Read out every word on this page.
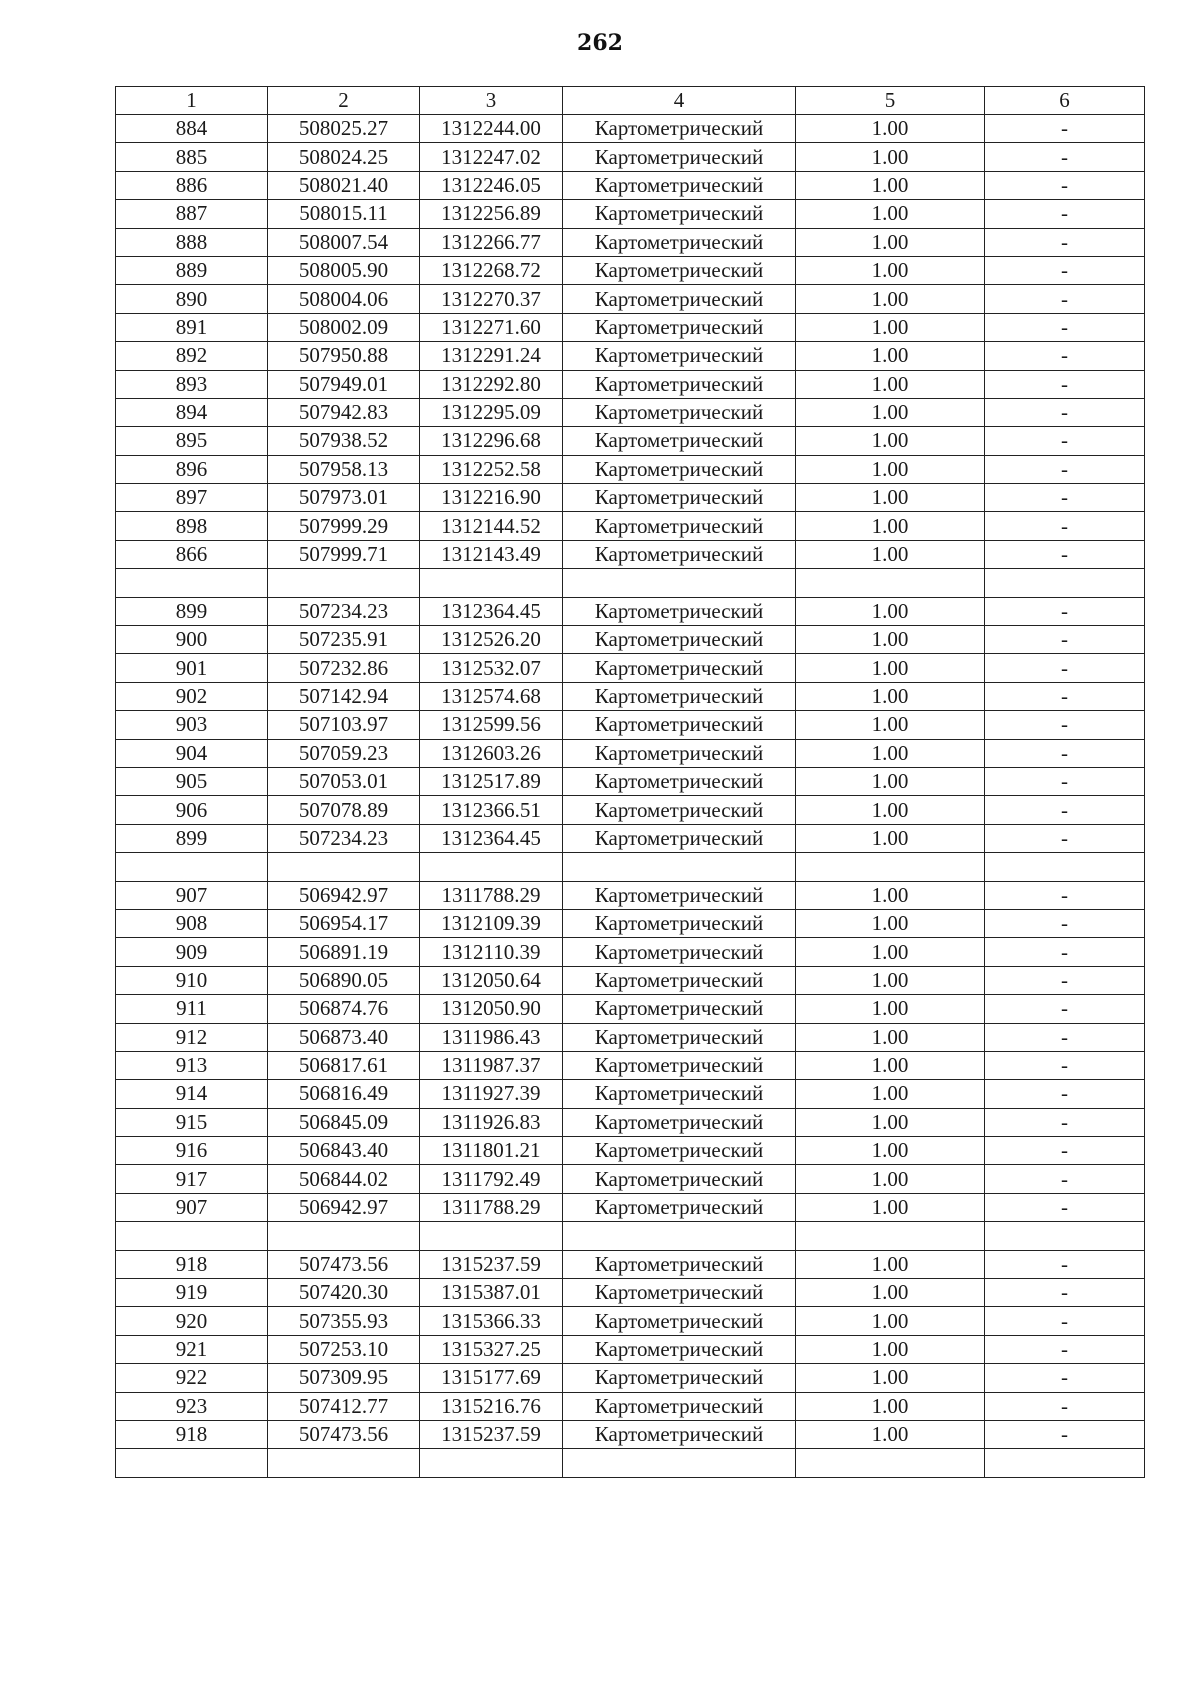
262
1	2	3	4	5	6
884	508025.27	1312244.00	Картометрический	1.00	-
885	508024.25	1312247.02	Картометрический	1.00	-
886	508021.40	1312246.05	Картометрический	1.00	-
887	508015.11	1312256.89	Картометрический	1.00	-
888	508007.54	1312266.77	Картометрический	1.00	-
889	508005.90	1312268.72	Картометрический	1.00	-
890	508004.06	1312270.37	Картометрический	1.00	-
891	508002.09	1312271.60	Картометрический	1.00	-
892	507950.88	1312291.24	Картометрический	1.00	-
893	507949.01	1312292.80	Картометрический	1.00	-
894	507942.83	1312295.09	Картометрический	1.00	-
895	507938.52	1312296.68	Картометрический	1.00	-
896	507958.13	1312252.58	Картометрический	1.00	-
897	507973.01	1312216.90	Картометрический	1.00	-
898	507999.29	1312144.52	Картометрический	1.00	-
866	507999.71	1312143.49	Картометрический	1.00	-

899	507234.23	1312364.45	Картометрический	1.00	-
900	507235.91	1312526.20	Картометрический	1.00	-
901	507232.86	1312532.07	Картометрический	1.00	-
902	507142.94	1312574.68	Картометрический	1.00	-
903	507103.97	1312599.56	Картометрический	1.00	-
904	507059.23	1312603.26	Картометрический	1.00	-
905	507053.01	1312517.89	Картометрический	1.00	-
906	507078.89	1312366.51	Картометрический	1.00	-
899	507234.23	1312364.45	Картометрический	1.00	-

907	506942.97	1311788.29	Картометрический	1.00	-
908	506954.17	1312109.39	Картометрический	1.00	-
909	506891.19	1312110.39	Картометрический	1.00	-
910	506890.05	1312050.64	Картометрический	1.00	-
911	506874.76	1312050.90	Картометрический	1.00	-
912	506873.40	1311986.43	Картометрический	1.00	-
913	506817.61	1311987.37	Картометрический	1.00	-
914	506816.49	1311927.39	Картометрический	1.00	-
915	506845.09	1311926.83	Картометрический	1.00	-
916	506843.40	1311801.21	Картометрический	1.00	-
917	506844.02	1311792.49	Картометрический	1.00	-
907	506942.97	1311788.29	Картометрический	1.00	-

918	507473.56	1315237.59	Картометрический	1.00	-
919	507420.30	1315387.01	Картометрический	1.00	-
920	507355.93	1315366.33	Картометрический	1.00	-
921	507253.10	1315327.25	Картометрический	1.00	-
922	507309.95	1315177.69	Картометрический	1.00	-
923	507412.77	1315216.76	Картометрический	1.00	-
918	507473.56	1315237.59	Картометрический	1.00	-
